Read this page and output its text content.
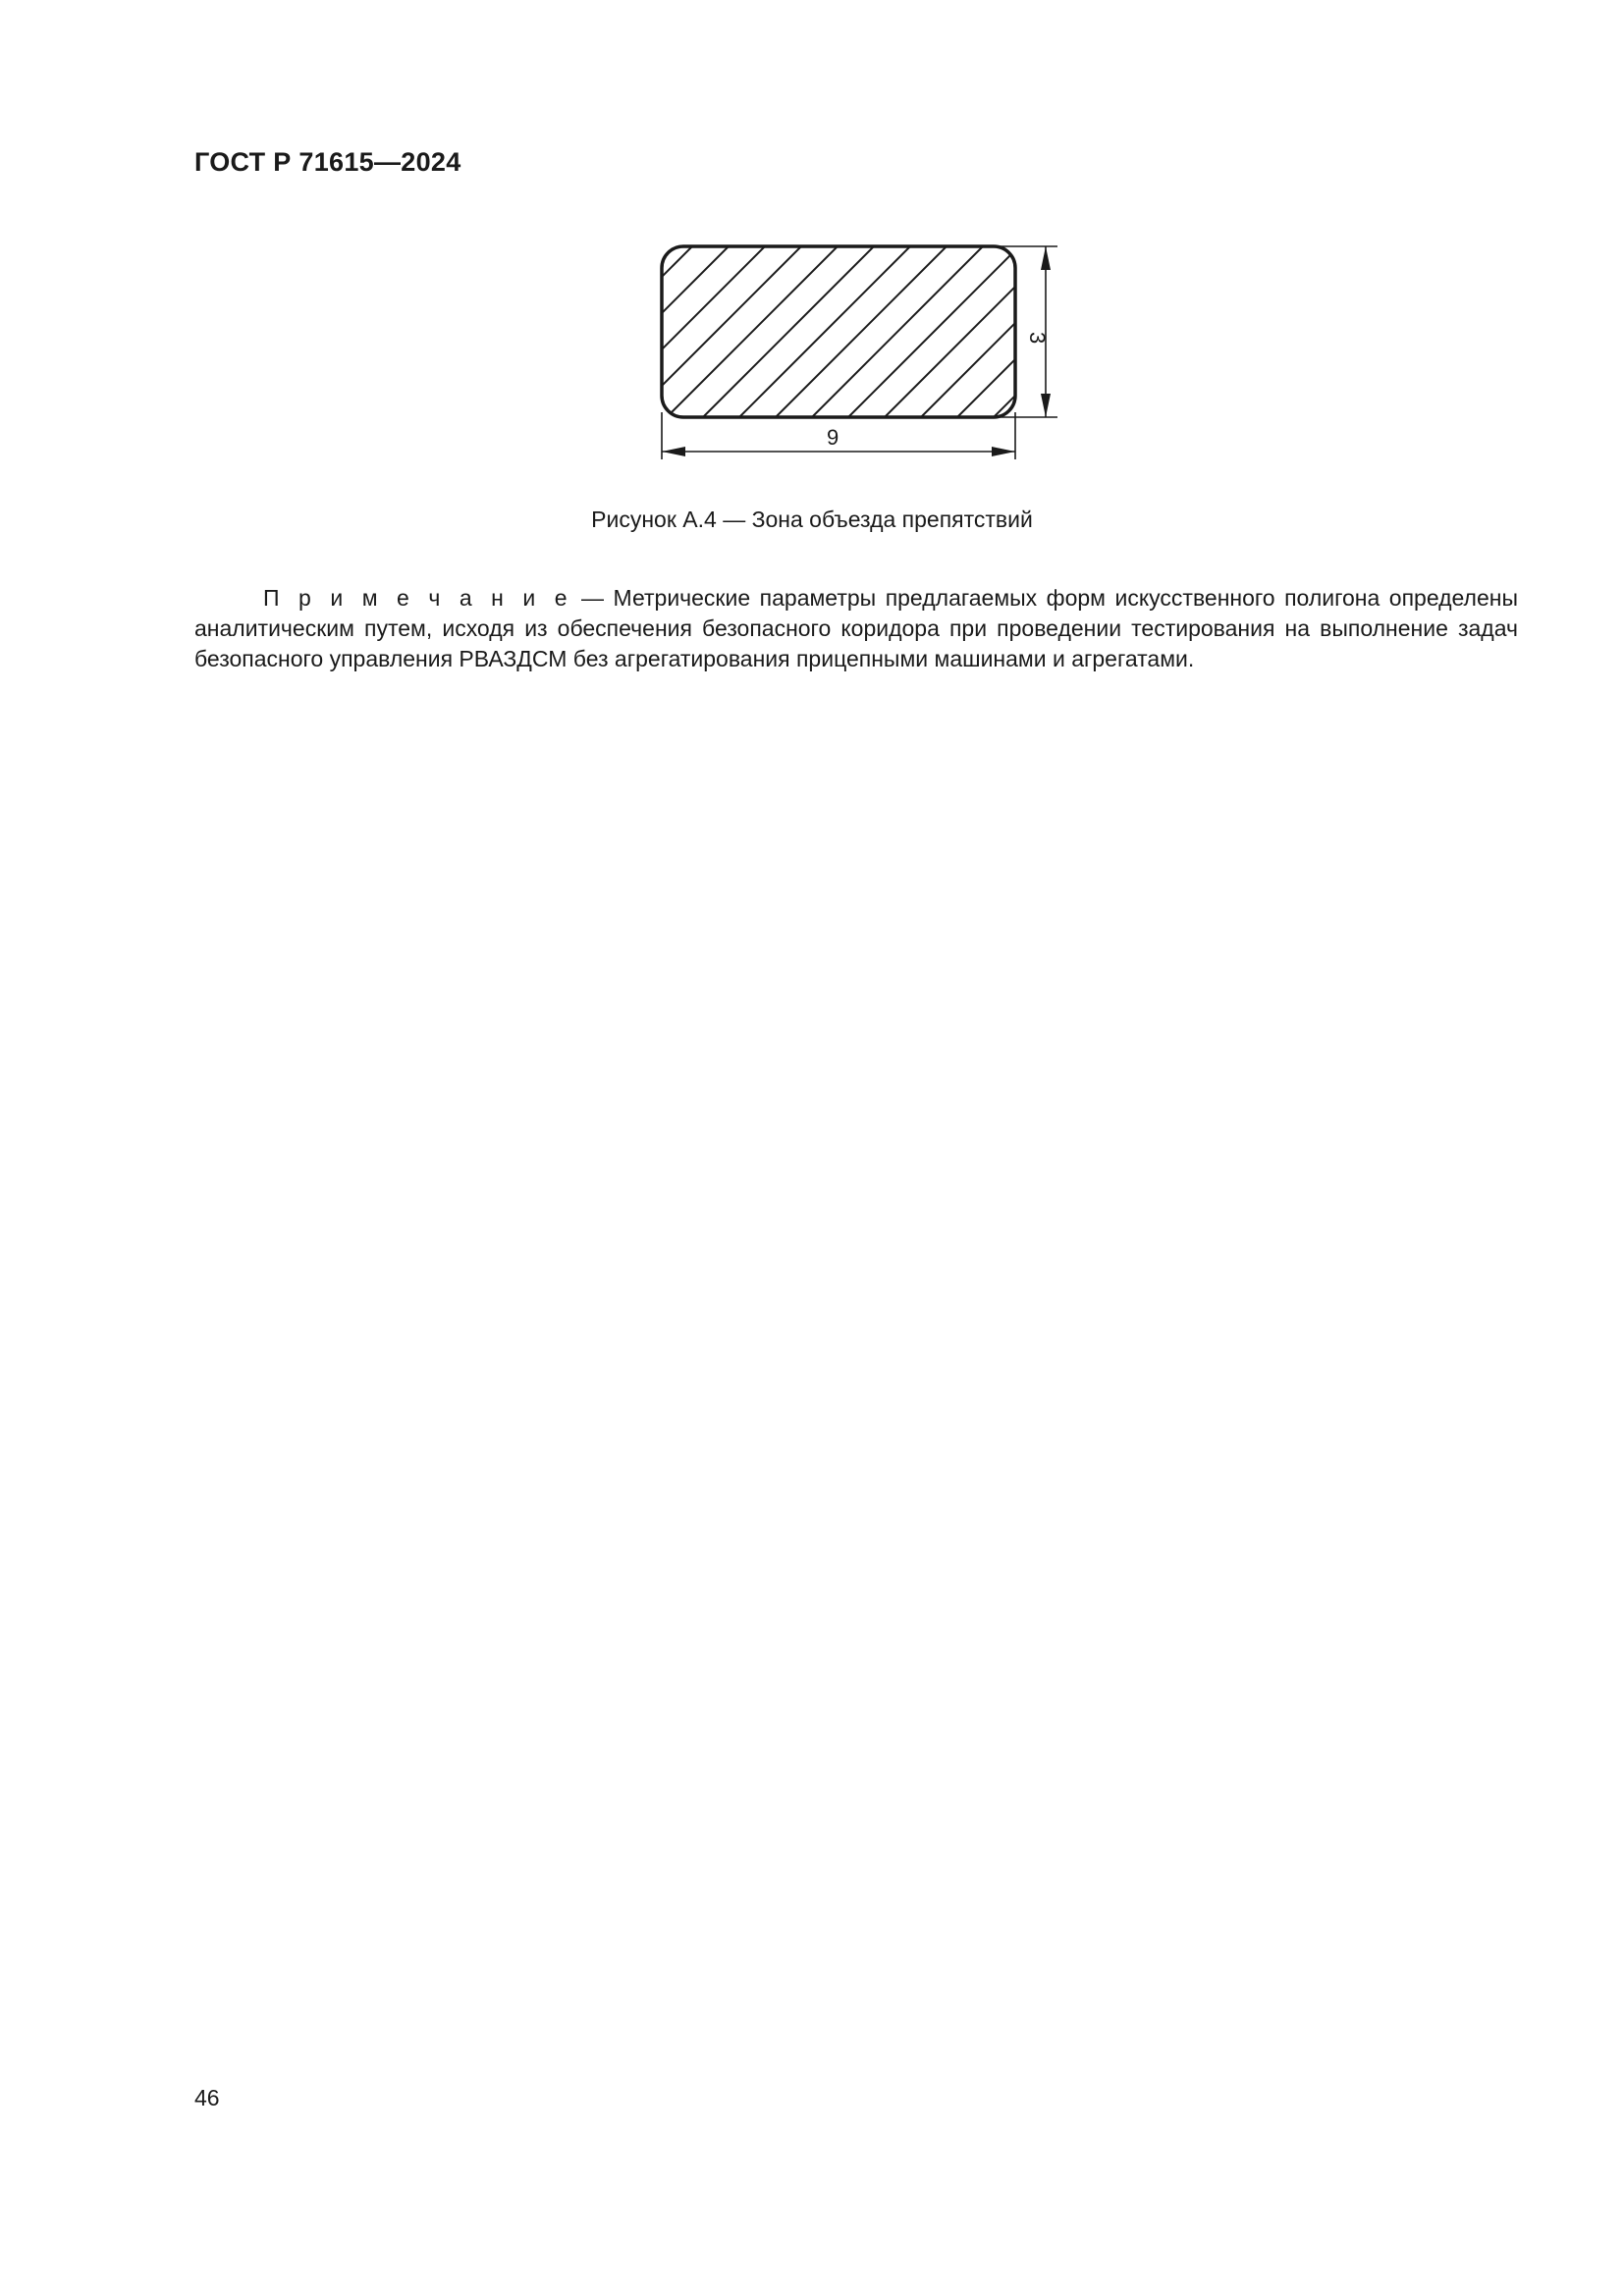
ГОСТ Р 71615—2024
9
3

Рисунок А.4 — Зона объезда препятствий

П р и м е ч а н и е — Метрические параметры предлагаемых форм искусственного полигона определены аналитическим путем, исходя из обеспечения безопасного коридора при проведении тестирования на выполнение задач безопасного управления РВАЗДСМ без агрегатирования прицепными машинами и агрегатами.

46
